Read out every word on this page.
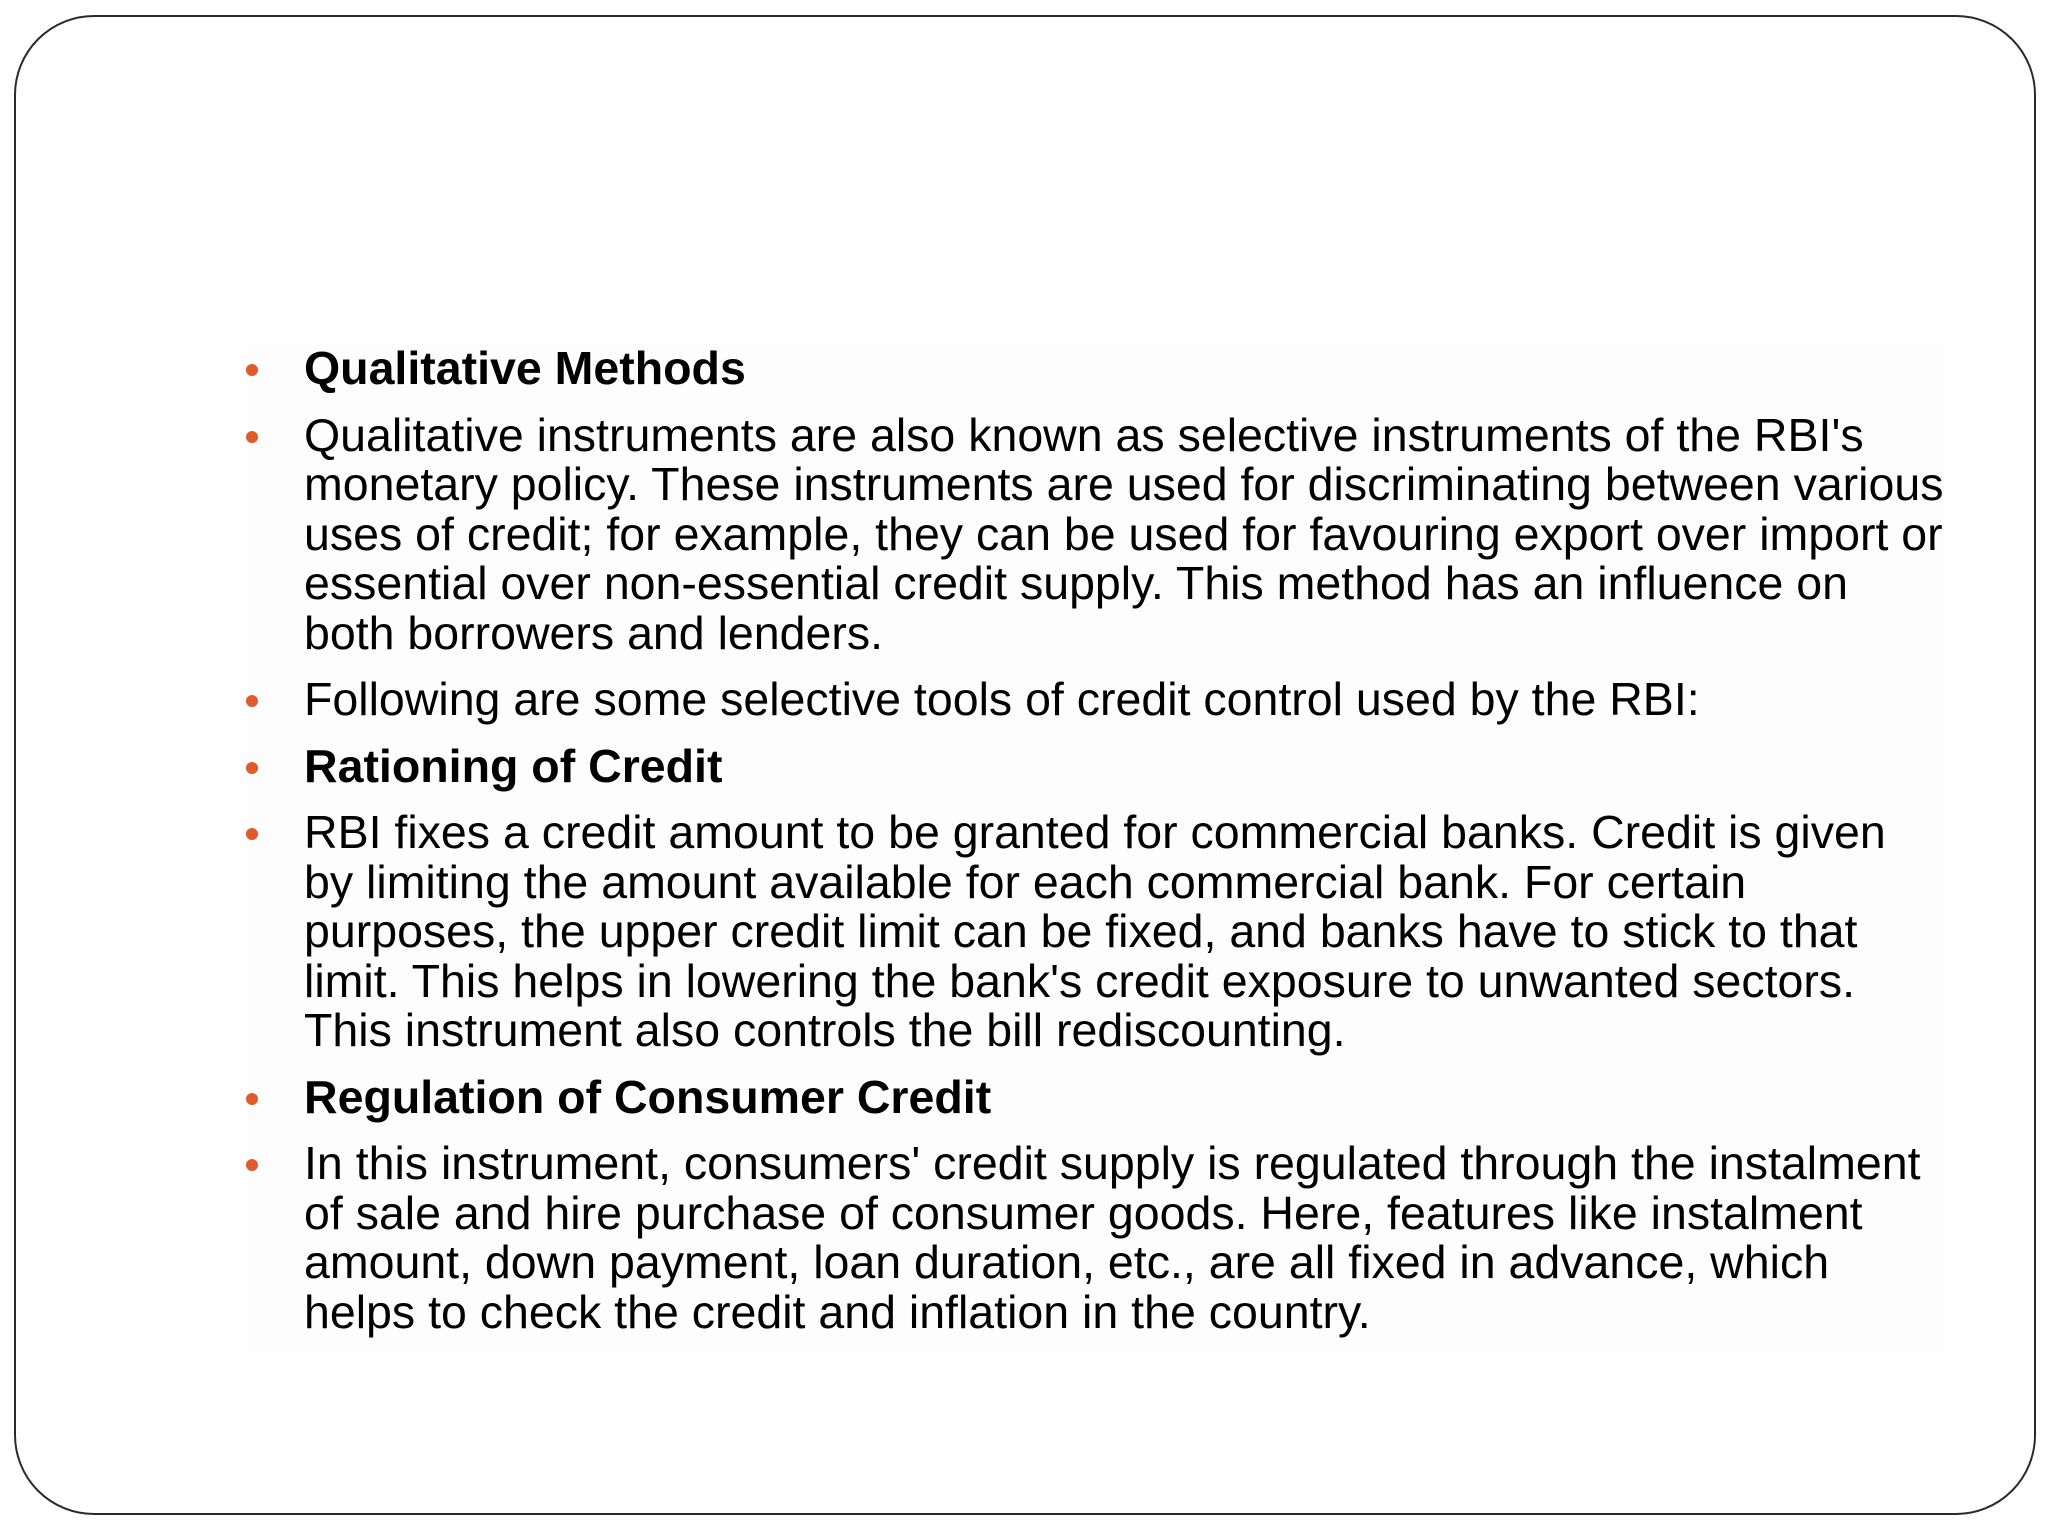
Qualitative Methods
Qualitative instruments are also known as selective instruments of the RBI's monetary policy. These instruments are used for discriminating between various uses of credit; for example, they can be used for favouring export over import or essential over non-essential credit supply. This method has an influence on both borrowers and lenders.
Following are some selective tools of credit control used by the RBI:
Rationing of Credit
RBI fixes a credit amount to be granted for commercial banks. Credit is given by limiting the amount available for each commercial bank. For certain purposes, the upper credit limit can be fixed, and banks have to stick to that limit. This helps in lowering the bank's credit exposure to unwanted sectors. This instrument also controls the bill rediscounting.
Regulation of Consumer Credit
In this instrument, consumers' credit supply is regulated through the instalment of sale and hire purchase of consumer goods. Here, features like instalment amount, down payment, loan duration, etc., are all fixed in advance, which helps to check the credit and inflation in the country.
